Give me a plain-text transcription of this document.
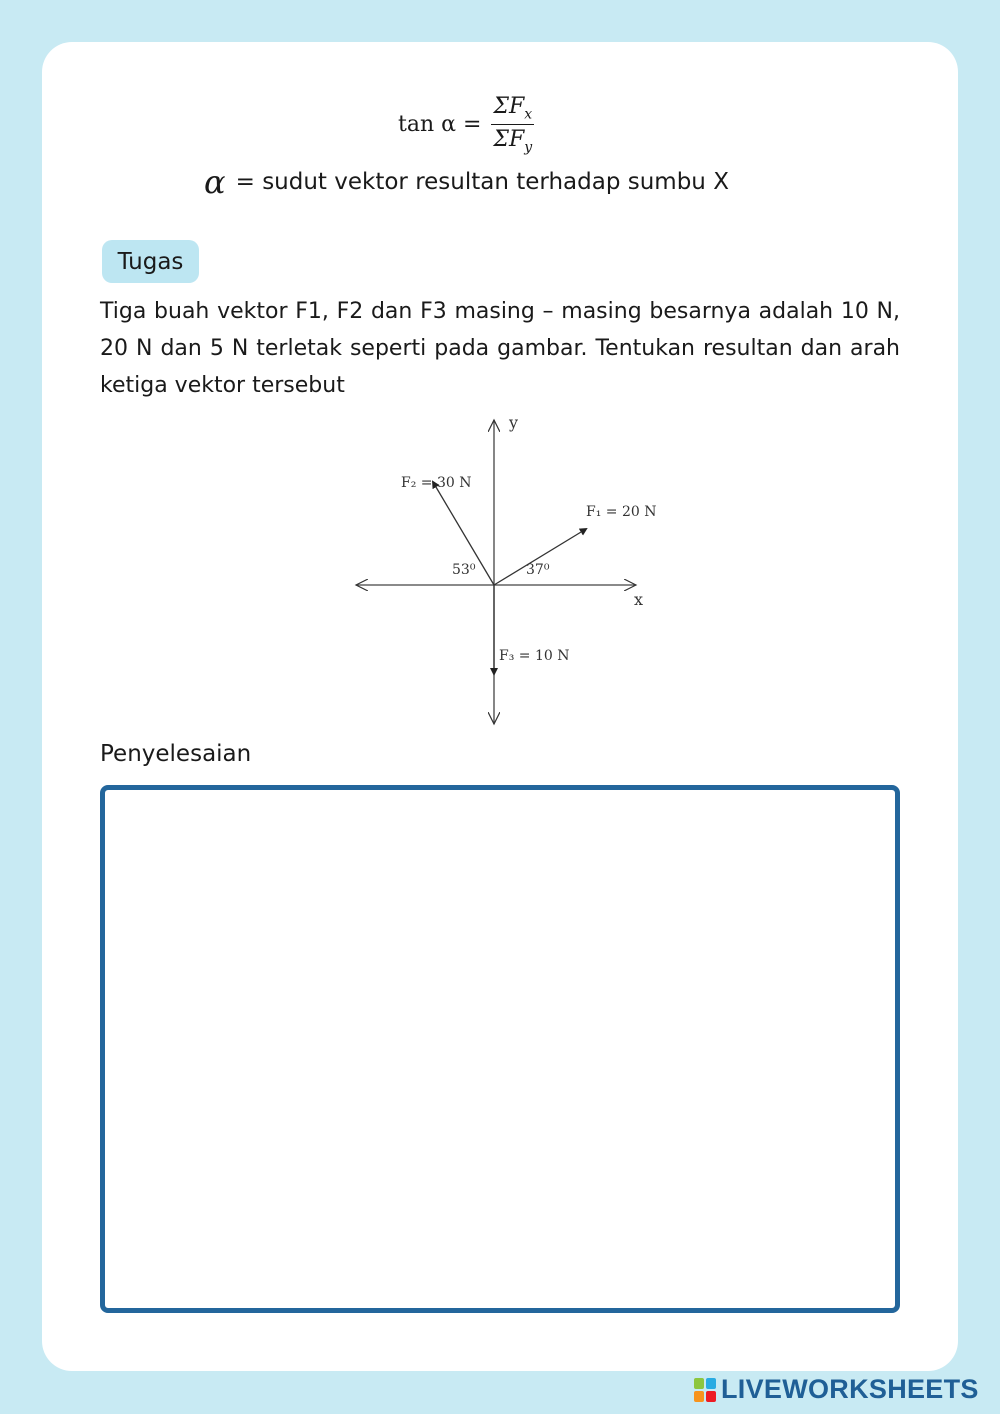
$\tan \alpha = \frac{\Sigma F_x}{\Sigma F_y}$
α = sudut vektor resultan terhadap sumbu X
Tugas
Tiga buah vektor F1, F2 dan F3 masing – masing besarnya adalah 10 N, 20 N dan 5 N terletak seperti pada gambar. Tentukan resultan dan arah ketiga vektor tersebut
y
x
F₂ = 30 N
F₁ = 20 N
F₃ = 10 N
53⁰	37⁰
Penyelesaian
LIVEWORKSHEETS
